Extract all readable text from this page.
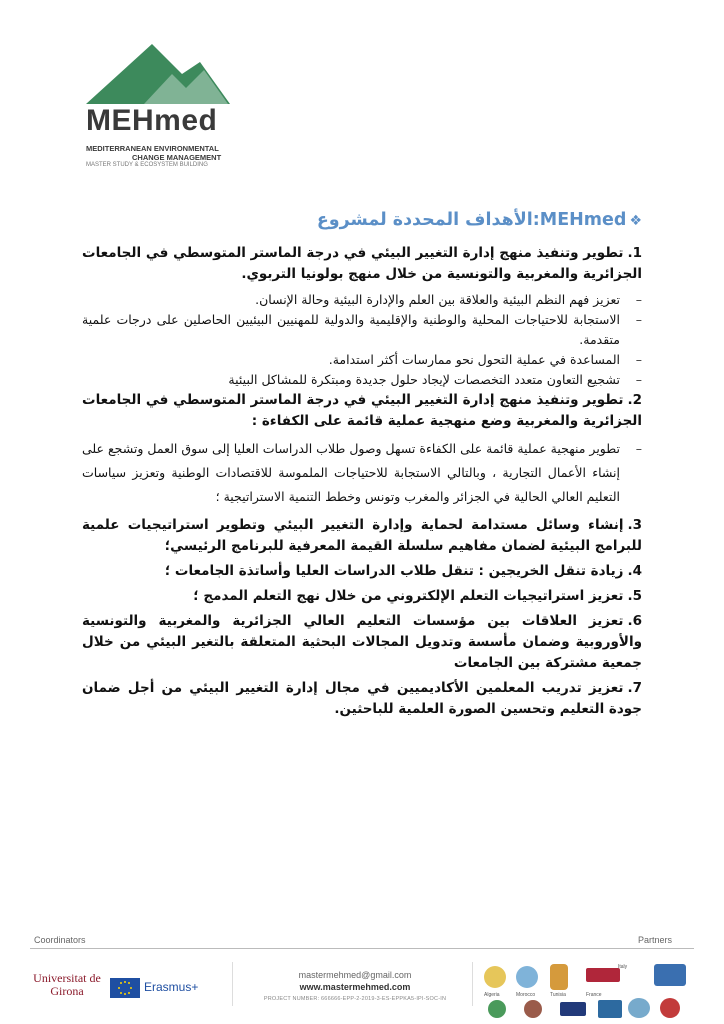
MEHmed
MEDITERRANEAN ENVIRONMENTAL
CHANGE MANAGEMENT
MASTER STUDY & ECOSYSTEM BUILDING
❖MEHmed:الأهداف المحددة لمشروع
1.تطوير وتنفيذ منهج إدارة التغيير البيئي في درجة الماستر المتوسطي في الجامعات الجزائرية والمغربية والتونسية من خلال منهج بولونيا التربوي.
–
تعزيز فهم النظم البيئية والعلاقة بين العلم والإدارة البيئية وحالة الإنسان.
–
الاستجابة للاحتياجات المحلية والوطنية والإقليمية والدولية للمهنيين البيئيين الحاصلين على درجات علمية متقدمة.
–
المساعدة في عملية التحول نحو ممارسات أكثر استدامة.
–
تشجيع التعاون متعدد التخصصات لإيجاد حلول جديدة ومبتكرة للمشاكل البيئية
2.تطوير وتنفيذ منهج إدارة التغيير البيئي في درجة الماستر المتوسطي في الجامعات الجزائرية والمغربية وضع منهجية عملية قائمة على الكفاءة :
–
تطوير منهجية عملية قائمة على الكفاءة تسهل وصول طلاب الدراسات العليا إلى سوق العمل وتشجع على إنشاء الأعمال التجارية ، وبالتالي الاستجابة للاحتياجات الملموسة للاقتصادات الوطنية وتعزيز سياسات التعليم العالي الحالية في الجزائر والمغرب وتونس وخطط التنمية الاستراتيجية ؛
3.إنشاء وسائل مستدامة لحماية وإدارة التغيير البيئي وتطوير استراتيجيات علمية للبرامج البيئية لضمان مفاهيم سلسلة القيمة المعرفية للبرنامج الرئيسي؛
4.زيادة تنقل الخريجين : تنقل طلاب الدراسات العليا وأساتذة الجامعات ؛
5.تعزيز استراتيجيات التعلم الإلكتروني من خلال نهج التعلم المدمج ؛
6.تعزيز العلاقات بين مؤسسات التعليم العالي الجزائرية والمغربية والتونسية والأوروبية وضمان مأسسة وتدويل المجالات البحثية المتعلقة بالتغير البيئي من خلال جمعية مشتركة بين الجامعات
7.تعزيز تدريب المعلمين الأكاديميين في مجال إدارة التغيير البيئي من أجل ضمان جودة التعليم وتحسين الصورة العلمية للباحثين.
Coordinators	Partners
Universitat de Girona	Erasmus+
mastermehmed@gmail.com
www.mastermehmed.com
PROJECT NUMBER: 666666-EPP-2-2019-3-ES-EPPKA5-IPI-SOC-IN
Algeria	Morocco	Tunisia	France
Italy
